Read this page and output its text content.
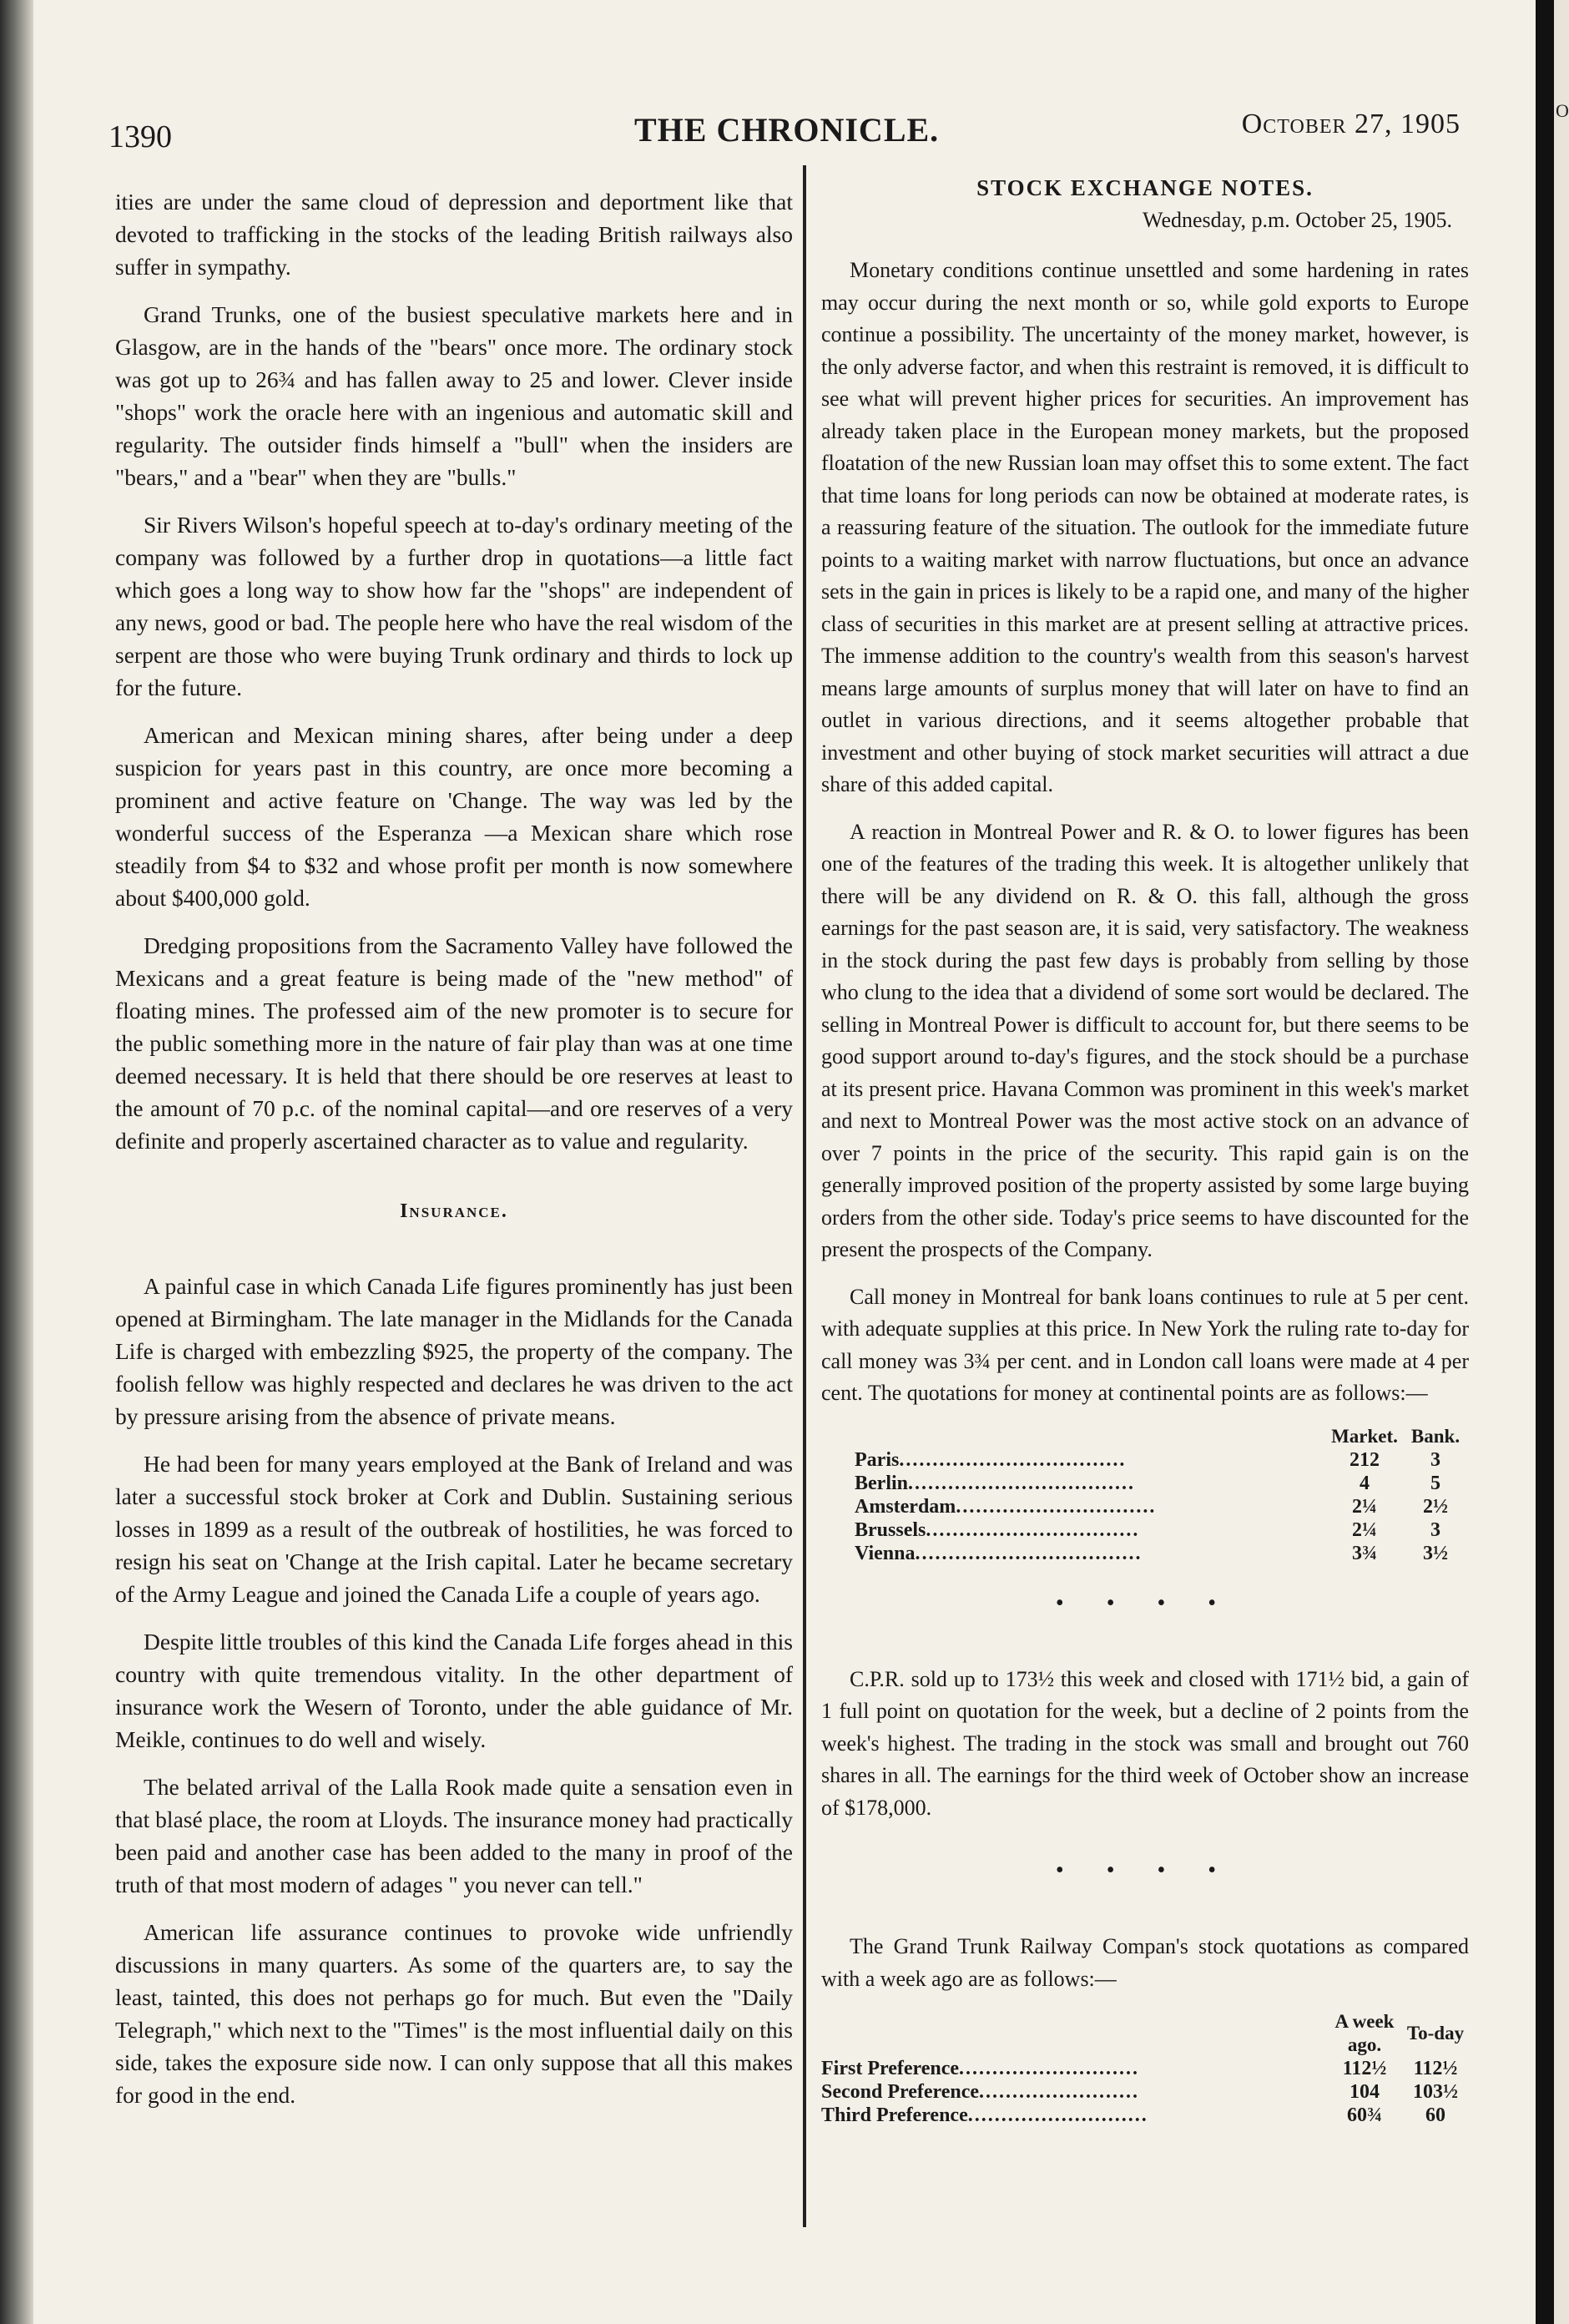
O
1390	THE CHRONICLE.	October 27, 1905

ities are under the same cloud of depression and deportment like that devoted to trafficking in the stocks of the leading British railways also suffer in sympathy.

Grand Trunks, one of the busiest speculative markets here and in Glasgow, are in the hands of the "bears" once more. The ordinary stock was got up to 26¾ and has fallen away to 25 and lower. Clever inside "shops" work the oracle here with an ingenious and automatic skill and regularity. The outsider finds himself a "bull" when the insiders are "bears," and a "bear" when they are "bulls."

Sir Rivers Wilson's hopeful speech at to-day's ordinary meeting of the company was followed by a further drop in quotations—a little fact which goes a long way to show how far the "shops" are independent of any news, good or bad. The people here who have the real wisdom of the serpent are those who were buying Trunk ordinary and thirds to lock up for the future.

American and Mexican mining shares, after being under a deep suspicion for years past in this country, are once more becoming a prominent and active feature on 'Change. The way was led by the wonderful success of the Esperanza —a Mexican share which rose steadily from $4 to $32 and whose profit per month is now somewhere about $400,000 gold.

Dredging propositions from the Sacramento Valley have followed the Mexicans and a great feature is being made of the "new method" of floating mines. The professed aim of the new promoter is to secure for the public something more in the nature of fair play than was at one time deemed necessary. It is held that there should be ore reserves at least to the amount of 70 p.c. of the nominal capital—and ore reserves of a very definite and properly ascertained character as to value and regularity.

Insurance.

A painful case in which Canada Life figures prominently has just been opened at Birmingham. The late manager in the Midlands for the Canada Life is charged with embezzling $925, the property of the company. The foolish fellow was highly respected and declares he was driven to the act by pressure arising from the absence of private means.

He had been for many years employed at the Bank of Ireland and was later a successful stock broker at Cork and Dublin. Sustaining serious losses in 1899 as a result of the outbreak of hostilities, he was forced to resign his seat on 'Change at the Irish capital. Later he became secretary of the Army League and joined the Canada Life a couple of years ago.

Despite little troubles of this kind the Canada Life forges ahead in this country with quite tremendous vitality. In the other department of insurance work the Wesern of Toronto, under the able guidance of Mr. Meikle, continues to do well and wisely.

The belated arrival of the Lalla Rook made quite a sensation even in that blasé place, the room at Lloyds. The insurance money had practically been paid and another case has been added to the many in proof of the truth of that most modern of adages " you never can tell."

American life assurance continues to provoke wide unfriendly discussions in many quarters. As some of the quarters are, to say the least, tainted, this does not perhaps go for much. But even the "Daily Telegraph," which next to the "Times" is the most influential daily on this side, takes the exposure side now. I can only suppose that all this makes for good in the end.

STOCK EXCHANGE NOTES.
Wednesday, p.m. October 25, 1905.

Monetary conditions continue unsettled and some hardening in rates may occur during the next month or so, while gold exports to Europe continue a possibility. The uncertainty of the money market, however, is the only adverse factor, and when this restraint is removed, it is difficult to see what will prevent higher prices for securities. An improvement has already taken place in the European money markets, but the proposed floatation of the new Russian loan may offset this to some extent. The fact that time loans for long periods can now be obtained at moderate rates, is a reassuring feature of the situation. The outlook for the immediate future points to a waiting market with narrow fluctuations, but once an advance sets in the gain in prices is likely to be a rapid one, and many of the higher class of securities in this market are at present selling at attractive prices. The immense addition to the country's wealth from this season's harvest means large amounts of surplus money that will later on have to find an outlet in various directions, and it seems altogether probable that investment and other buying of stock market securities will attract a due share of this added capital.

A reaction in Montreal Power and R. & O. to lower figures has been one of the features of the trading this week. It is altogether unlikely that there will be any dividend on R. & O. this fall, although the gross earnings for the past season are, it is said, very satisfactory. The weakness in the stock during the past few days is probably from selling by those who clung to the idea that a dividend of some sort would be declared. The selling in Montreal Power is difficult to account for, but there seems to be good support around to-day's figures, and the stock should be a purchase at its present price. Havana Common was prominent in this week's market and next to Montreal Power was the most active stock on an advance of over 7 points in the price of the security. This rapid gain is on the generally improved position of the property assisted by some large buying orders from the other side. Today's price seems to have discounted for the present the prospects of the Company.

Call money in Montreal for bank loans continues to rule at 5 per cent. with adequate supplies at this price. In New York the ruling rate to-day for call money was 3¾ per cent. and in London call loans were made at 4 per cent. The quotations for money at continental points are as follows:—

	Market.	Bank.
Paris..................................	212	3
Berlin..................................	4	5
Amsterdam..............................	2¼	2½
Brussels................................	2¼	3
Vienna..................................	3¾	3½
• • • •

C.P.R. sold up to 173½ this week and closed with 171½ bid, a gain of 1 full point on quotation for the week, but a decline of 2 points from the week's highest. The trading in the stock was small and brought out 760 shares in all. The earnings for the third week of October show an increase of $178,000.

• • • •

The Grand Trunk Railway Compan's stock quotations as compared with a week ago are as follows:—

	A week ago.	To-day
First Preference...........................	112½	112½
Second Preference........................	104	103½
Third Preference...........................	60¾	60
